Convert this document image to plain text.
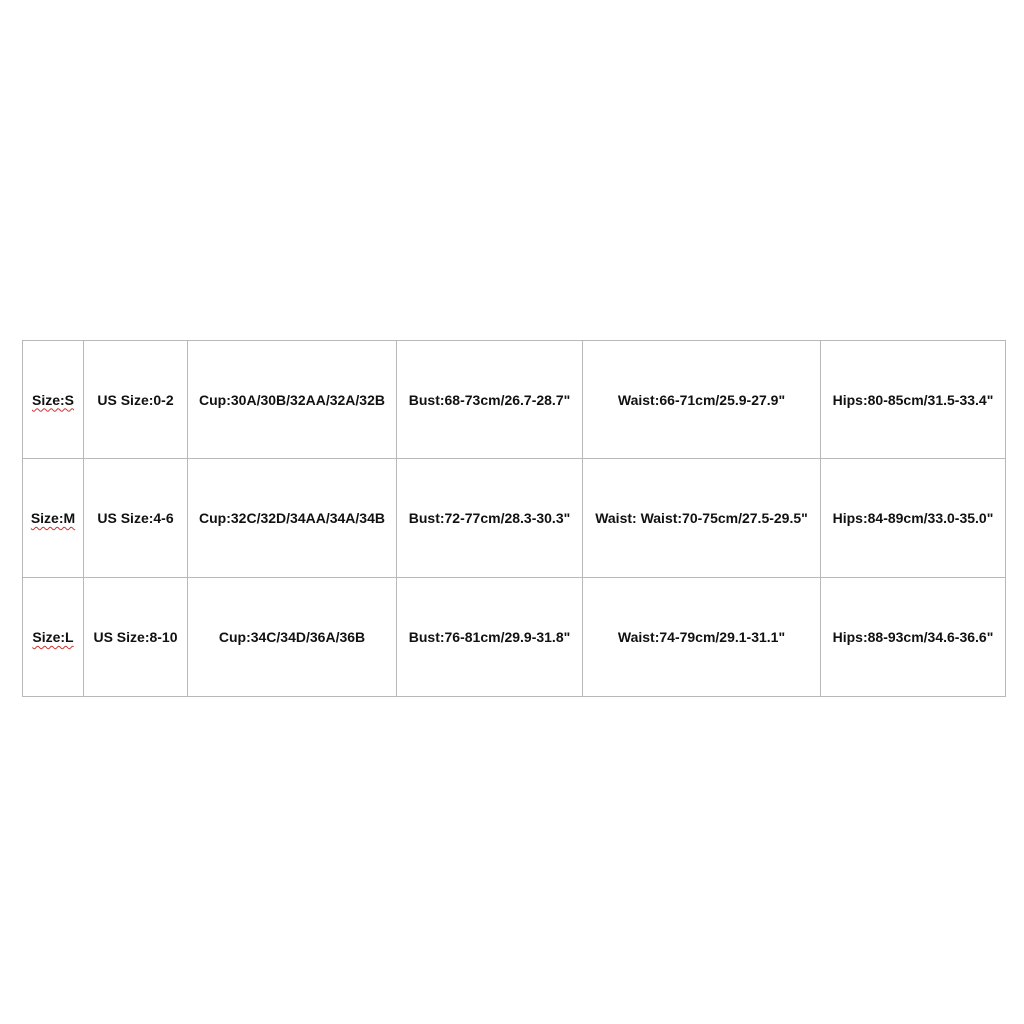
Size:S	US Size:0-2	Cup:30A/30B/32AA/32A/32B	Bust:68-73cm/26.7-28.7"	Waist:66-71cm/25.9-27.9"	Hips:80-85cm/31.5-33.4"
Size:M	US Size:4-6	Cup:32C/32D/34AA/34A/34B	Bust:72-77cm/28.3-30.3"	Waist: Waist:70-75cm/27.5-29.5"	Hips:84-89cm/33.0-35.0"
Size:L	US Size:8-10	Cup:34C/34D/36A/36B	Bust:76-81cm/29.9-31.8"	Waist:74-79cm/29.1-31.1"	Hips:88-93cm/34.6-36.6"
